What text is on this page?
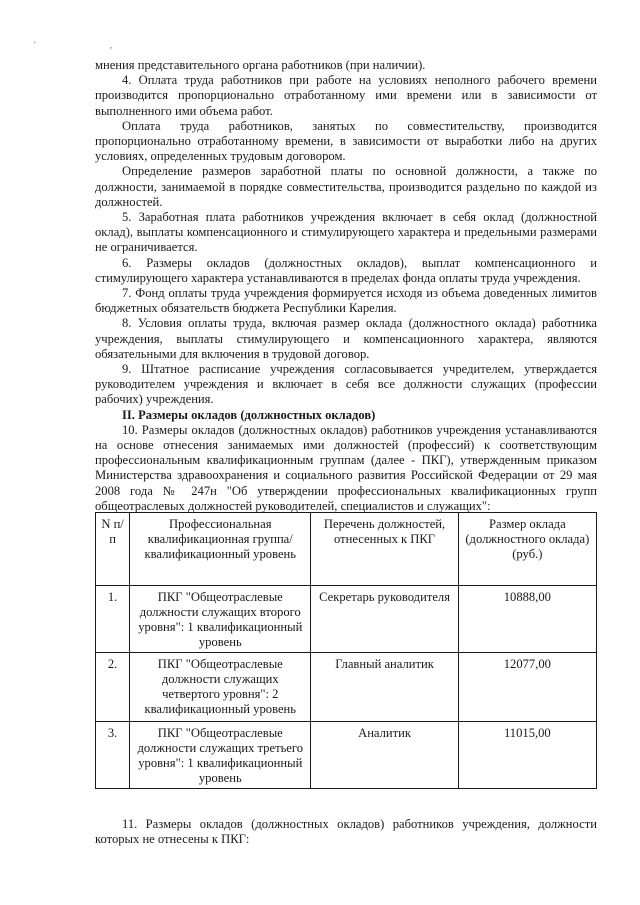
' ,

мнения представительного органа работников (при наличии).

4. Оплата труда работников при работе на условиях неполного рабочего времени производится пропорционально отработанному ими времени или в зависимости от выполненного ими объема работ.

Оплата труда работников, занятых по совместительству, производится пропорционально отработанному времени, в зависимости от выработки либо на других условиях, определенных трудовым договором.

Определение размеров заработной платы по основной должности, а также по должности, занимаемой в порядке совместительства, производится раздельно по каждой из должностей.

5. Заработная плата работников учреждения включает в себя оклад (должностной оклад), выплаты компенсационного и стимулирующего характера и предельными размерами не ограничивается.

6. Размеры окладов (должностных окладов), выплат компенсационного и стимулирующего характера устанавливаются в пределах фонда оплаты труда учреждения.

7. Фонд оплаты труда учреждения формируется исходя из объема доведенных лимитов бюджетных обязательств бюджета Республики Карелия.

8. Условия оплаты труда, включая размер оклада (должностного оклада) работника учреждения, выплаты стимулирующего и компенсационного характера, являются обязательными для включения в трудовой договор.

9. Штатное расписание учреждения согласовывается учредителем, утверждается руководителем учреждения и включает в себя все должности служащих (профессии рабочих) учреждения.

II. Размеры окладов (должностных окладов)

10. Размеры окладов (должностных окладов) работников учреждения устанавливаются на основе отнесения занимаемых ими должностей (профессий) к соответствующим профессиональным квалификационным группам (далее - ПКГ), утвержденным приказом Министерства здравоохранения и социального развития Российской Федерации от 29 мая 2008 года № 247н "Об утверждении профессиональных квалификационных групп общеотраслевых должностей руководителей, специалистов и служащих":

N п/п	Профессиональная квалификационная группа/квалификационный уровень	Перечень должностей, отнесенных к ПКГ	Размер оклада (должностного оклада) (руб.)
1.	ПКГ "Общеотраслевые должности служащих второго уровня": 1 квалификационный уровень	Секретарь руководителя	10888,00
2.	ПКГ "Общеотраслевые должности служащих четвертого уровня": 2 квалификационный уровень	Главный аналитик	12077,00
3.	ПКГ "Общеотраслевые должности служащих третьего уровня": 1 квалификационный уровень	Аналитик	11015,00

11. Размеры окладов (должностных окладов) работников учреждения, должности которых не отнесены к ПКГ:
